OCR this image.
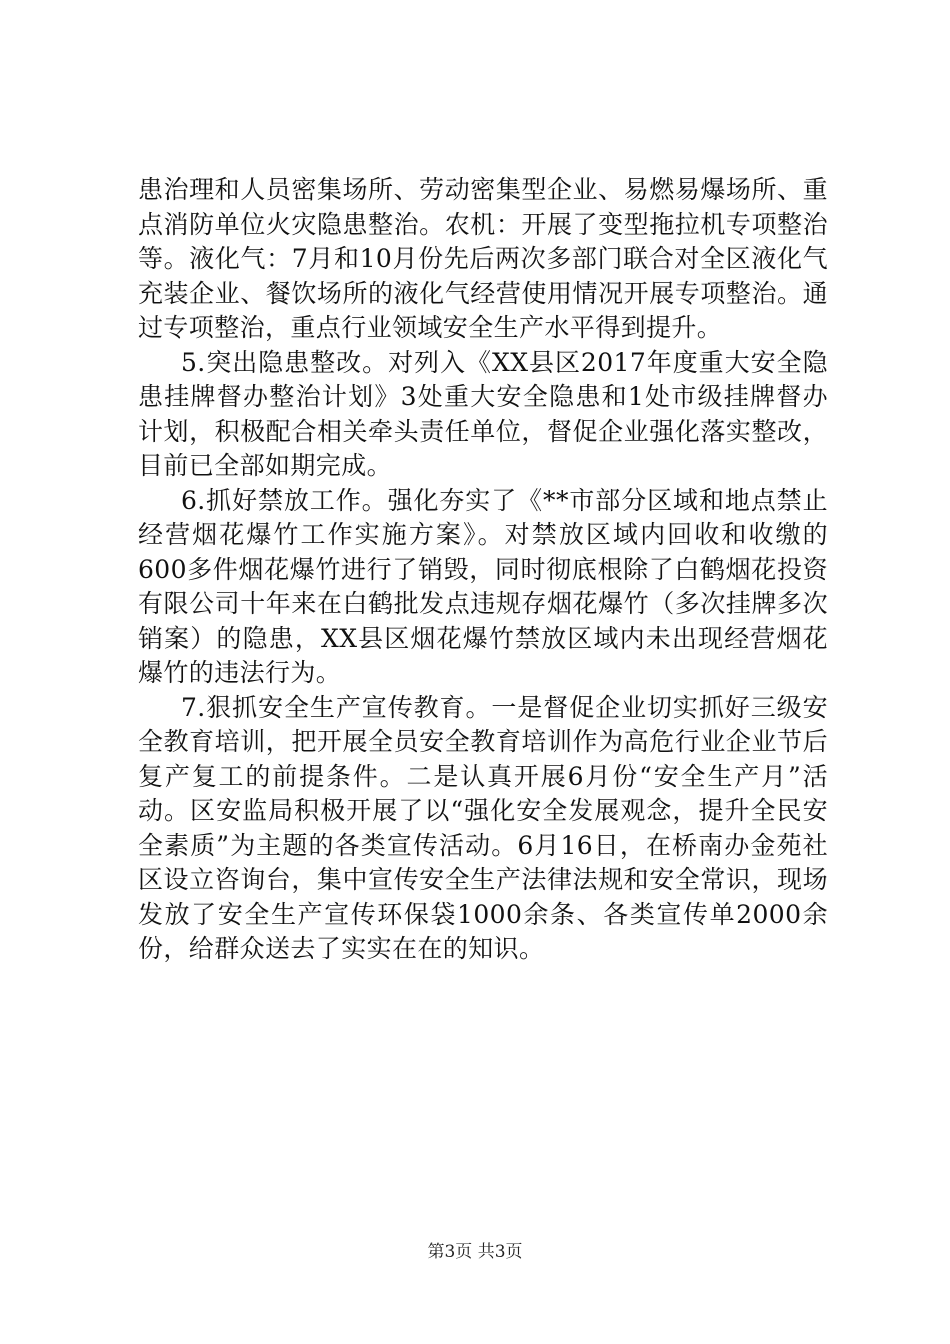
患治理和人员密集场所、劳动密集型企业、易燃易爆场所、重点消防单位火灾隐患整治。农机：开展了变型拖拉机专项整治等。液化气：7月和10月份先后两次多部门联合对全区液化气充装企业、餐饮场所的液化气经营使用情况开展专项整治。通过专项整治，重点行业领域安全生产水平得到提升。

5.突出隐患整改。对列入《XX县区2017年度重大安全隐患挂牌督办整治计划》3处重大安全隐患和1处市级挂牌督办计划，积极配合相关牵头责任单位，督促企业强化落实整改，目前已全部如期完成。

6.抓好禁放工作。强化夯实了《**市部分区域和地点禁止经营烟花爆竹工作实施方案》。对禁放区域内回收和收缴的600多件烟花爆竹进行了销毁，同时彻底根除了白鹤烟花投资有限公司十年来在白鹤批发点违规存烟花爆竹（多次挂牌多次销案）的隐患，XX县区烟花爆竹禁放区域内未出现经营烟花爆竹的违法行为。

7.狠抓安全生产宣传教育。一是督促企业切实抓好三级安全教育培训，把开展全员安全教育培训作为高危行业企业节后复产复工的前提条件。二是认真开展6月份“安全生产月”活动。区安监局积极开展了以“强化安全发展观念，提升全民安全素质”为主题的各类宣传活动。6月16日，在桥南办金苑社区设立咨询台，集中宣传安全生产法律法规和安全常识，现场发放了安全生产宣传环保袋1000余条、各类宣传单2000余份，给群众送去了实实在在的知识。

第3页 共3页
